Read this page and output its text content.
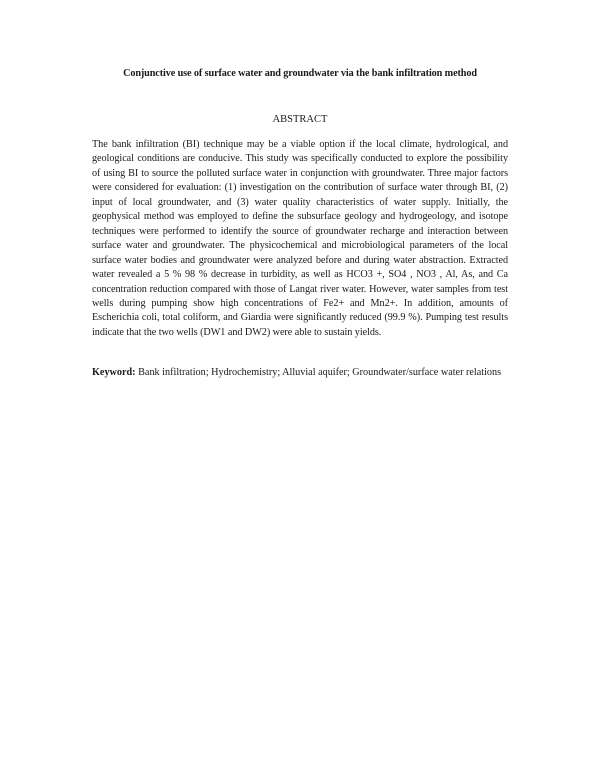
Conjunctive use of surface water and groundwater via the bank infiltration method
ABSTRACT
The bank infiltration (BI) technique may be a viable option if the local climate, hydrological, and geological conditions are conducive. This study was specifically conducted to explore the possibility of using BI to source the polluted surface water in conjunction with groundwater. Three major factors were considered for evaluation: (1) investigation on the contribution of surface water through BI, (2) input of local groundwater, and (3) water quality characteristics of water supply. Initially, the geophysical method was employed to define the subsurface geology and hydrogeology, and isotope techniques were performed to identify the source of groundwater recharge and interaction between surface water and groundwater. The physicochemical and microbiological parameters of the local surface water bodies and groundwater were analyzed before and during water abstraction. Extracted water revealed a 5 % 98 % decrease in turbidity, as well as HCO3 +, SO4 , NO3 , Al, As, and Ca concentration reduction compared with those of Langat river water. However, water samples from test wells during pumping show high concentrations of Fe2+ and Mn2+. In addition, amounts of Escherichia coli, total coliform, and Giardia were significantly reduced (99.9 %). Pumping test results indicate that the two wells (DW1 and DW2) were able to sustain yields.
Keyword: Bank infiltration; Hydrochemistry; Alluvial aquifer; Groundwater/surface water relations
